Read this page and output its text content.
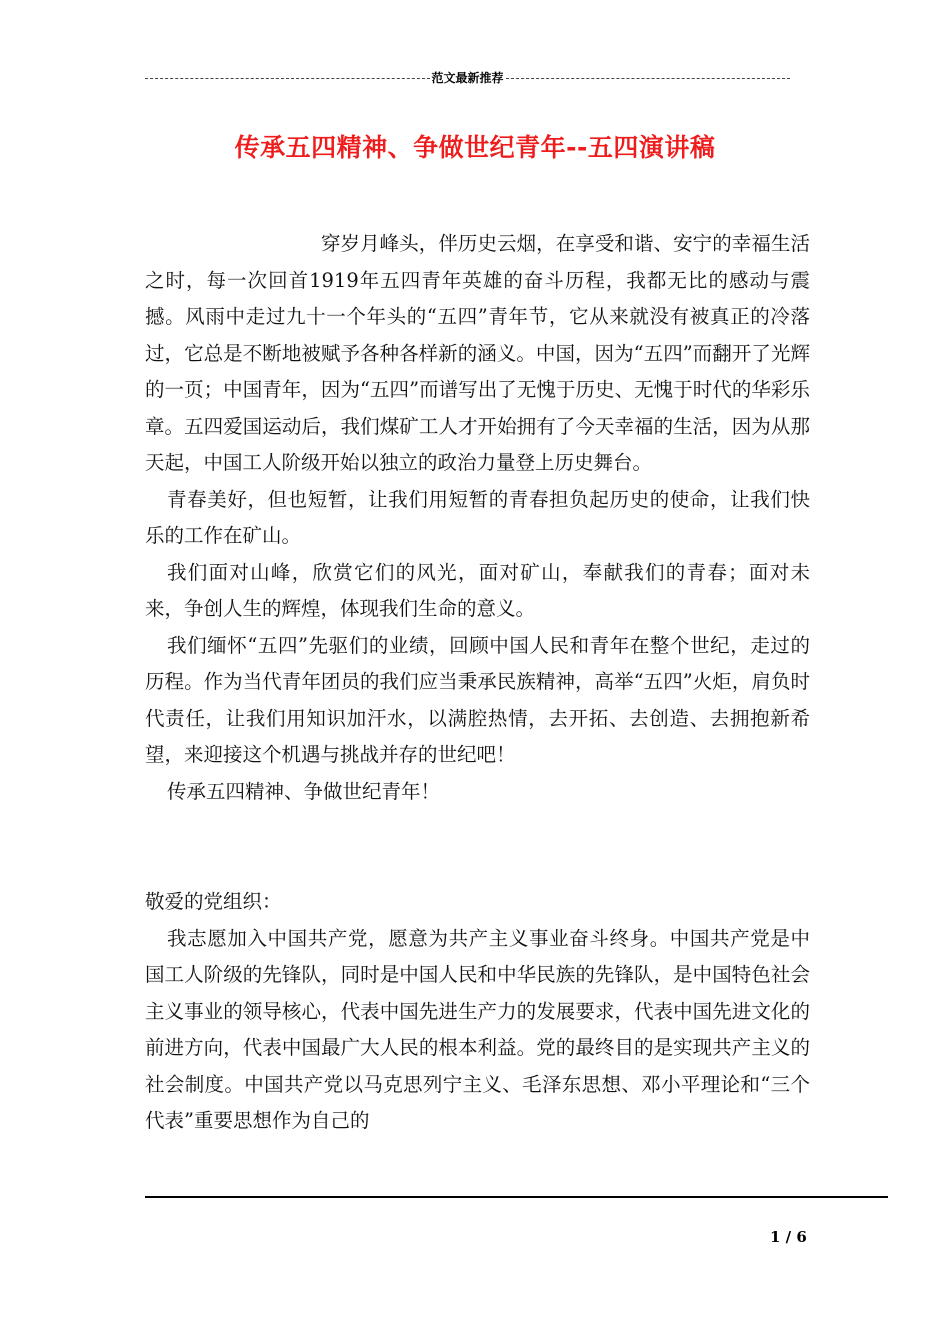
范文最新推荐
传承五四精神、争做世纪青年--五四演讲稿

穿岁月峰头，伴历史云烟，在享受和谐、安宁的幸福生活之时，每一次回首1919年五四青年英雄的奋斗历程，我都无比的感动与震撼。风雨中走过九十一个年头的“五四”青年节，它从来就没有被真正的冷落过，它总是不断地被赋予各种各样新的涵义。中国，因为“五四”而翻开了光辉的一页；中国青年，因为“五四”而谱写出了无愧于历史、无愧于时代的华彩乐章。五四爱国运动后，我们煤矿工人才开始拥有了今天幸福的生活，因为从那天起，中国工人阶级开始以独立的政治力量登上历史舞台。

青春美好，但也短暂，让我们用短暂的青春担负起历史的使命，让我们快乐的工作在矿山。

我们面对山峰，欣赏它们的风光，面对矿山，奉献我们的青春；面对未来，争创人生的辉煌，体现我们生命的意义。

我们缅怀“五四”先驱们的业绩，回顾中国人民和青年在整个世纪，走过的历程。作为当代青年团员的我们应当秉承民族精神，高举“五四”火炬，肩负时代责任，让我们用知识加汗水，以满腔热情，去开拓、去创造、去拥抱新希望，来迎接这个机遇与挑战并存的世纪吧！

传承五四精神、争做世纪青年！

敬爱的党组织：

我志愿加入中国共产党，愿意为共产主义事业奋斗终身。中国共产党是中国工人阶级的先锋队，同时是中国人民和中华民族的先锋队，是中国特色社会主义事业的领导核心，代表中国先进生产力的发展要求，代表中国先进文化的前进方向，代表中国最广大人民的根本利益。党的最终目的是实现共产主义的社会制度。中国共产党以马克思列宁主义、毛泽东思想、邓小平理论和“三个代表”重要思想作为自己的

1 / 6
